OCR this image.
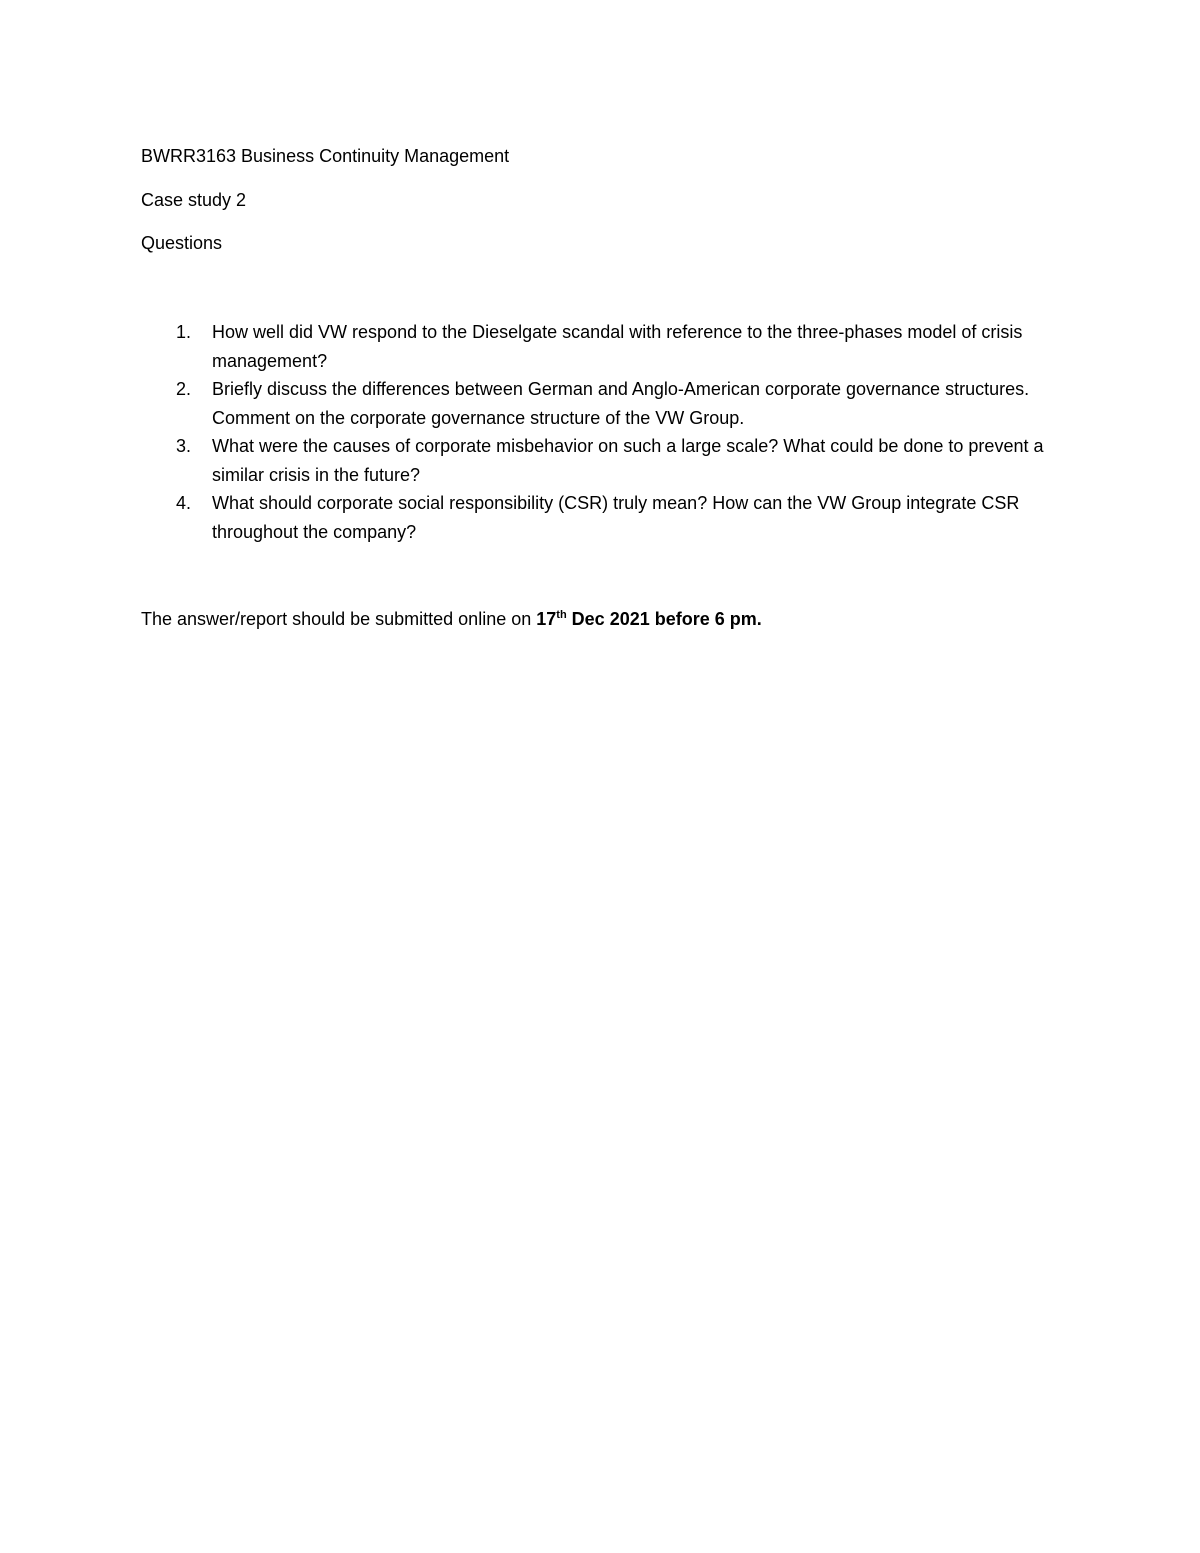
BWRR3163 Business Continuity Management
Case study 2
Questions
1.	How well did VW respond to the Dieselgate scandal with reference to the three-phases model of crisis management?
2.	Briefly discuss the differences between German and Anglo-American corporate governance structures. Comment on the corporate governance structure of the VW Group.
3.	What were the causes of corporate misbehavior on such a large scale? What could be done to prevent a similar crisis in the future?
4.	What should corporate social responsibility (CSR) truly mean? How can the VW Group integrate CSR throughout the company?
The answer/report should be submitted online on 17th Dec 2021 before 6 pm.
